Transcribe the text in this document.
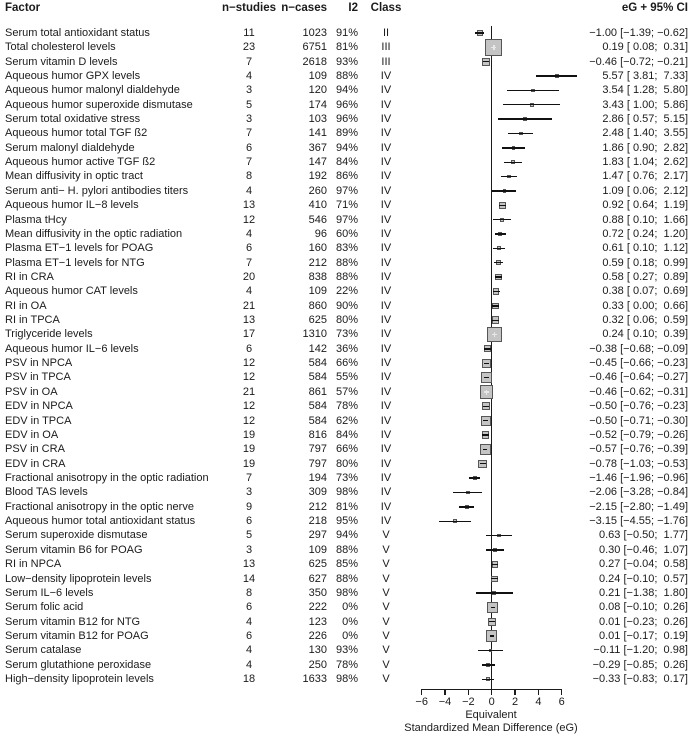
Factor	n−studies n−cases	I2	Class	eG + 95% CI
Serum total antioxidant status	11	1023 91%	II	−1.00 [−1.39; −0.62]
Total cholesterol levels	23	6751 81%	III	0.19 [ 0.08;  0.31]
Serum vitamin D levels	7	2618 93%	III	−0.46 [−0.72; −0.21]
Aqueous humor GPX levels	4	109 88%	IV	5.57 [ 3.81;  7.33]
Aqueous humor malonyl dialdehyde	3	120 94%	IV	3.54 [ 1.28;  5.80]
Aqueous humor superoxide dismutase	5	174 96%	IV	3.43 [ 1.00;  5.86]
Serum total oxidative stress	3	103 96%	IV	2.86 [ 0.57;  5.15]
Aqueous humor total TGF ß2	7	141 89%	IV	2.48 [ 1.40;  3.55]
Serum malonyl dialdehyde	6	367 94%	IV	1.86 [ 0.90;  2.82]
Aqueous humor active TGF ß2	7	147 84%	IV	1.83 [ 1.04;  2.62]
Mean diffusivity in optic tract	8	192 86%	IV	1.47 [ 0.76;  2.17]
Serum anti− H. pylori antibodies titers	4	260 97%	IV	1.09 [ 0.06;  2.12]
Aqueous humor IL−8 levels	13	410 71%	IV	0.92 [ 0.64;  1.19]
Plasma tHcy	12	546 97%	IV	0.88 [ 0.10;  1.66]
Mean diffusivity in the optic radiation	4	96 60%	IV	0.72 [ 0.24;  1.20]
Plasma ET−1 levels for POAG	6	160 83%	IV	0.61 [ 0.10;  1.12]
Plasma ET−1 levels for NTG	7	212 88%	IV	0.59 [ 0.18;  0.99]
RI in CRA	20	838 88%	IV	0.58 [ 0.27;  0.89]
Aqueous humor CAT levels	4	109 22%	IV	0.38 [ 0.07;  0.69]
RI in OA	21	860 90%	IV	0.33 [ 0.00;  0.66]
RI in TPCA	13	625 80%	IV	0.32 [ 0.06;  0.59]
Triglyceride levels	17	1310 73%	IV	0.24 [ 0.10;  0.39]
Aqueous humor IL−6 levels	6	142 36%	IV	−0.38 [−0.68; −0.09]
PSV in NPCA	12	584 66%	IV	−0.45 [−0.66; −0.23]
PSV in TPCA	12	584 55%	IV	−0.46 [−0.64; −0.27]
PSV in OA	21	861 57%	IV	−0.46 [−0.62; −0.31]
EDV in NPCA	12	584 78%	IV	−0.50 [−0.76; −0.23]
EDV in TPCA	12	584 62%	IV	−0.50 [−0.71; −0.30]
EDV in OA	19	816 84%	IV	−0.52 [−0.79; −0.26]
PSV in CRA	19	797 66%	IV	−0.57 [−0.76; −0.39]
EDV in CRA	19	797 80%	IV	−0.78 [−1.03; −0.53]
Fractional anisotropy in the optic radiation	7	194 73%	IV	−1.46 [−1.96; −0.96]
Blood TAS levels	3	309 98%	IV	−2.06 [−3.28; −0.84]
Fractional anisotropy in the optic nerve	9	212 81%	IV	−2.15 [−2.80; −1.49]
Aqueous humor total antioxidant status	6	218 95%	IV	−3.15 [−4.55; −1.76]
Serum superoxide dismutase	5	297 94%	V	0.63 [−0.50;  1.77]
Serum vitamin B6 for POAG	3	109 88%	V	0.30 [−0.46;  1.07]
RI in NPCA	13	625 85%	V	0.27 [−0.04;  0.58]
Low−density lipoprotein levels	14	627 88%	V	0.24 [−0.10;  0.57]
Serum IL−6 levels	8	350 98%	V	0.21 [−1.38;  1.80]
Serum folic acid	6	222	0%	V	0.08 [−0.10;  0.26]
Serum vitamin B12 for NTG	4	123	0%	V	0.01 [−0.23;  0.26]
Serum vitamin B12 for POAG	6	226	0%	V	0.01 [−0.17;  0.19]
Serum catalase	4	130 93%	V	−0.11 [−1.20;  0.98]
Serum glutathione peroxidase	4	250 78%	V	−0.29 [−0.85;  0.26]
High−density lipoprotein levels	18	1633 98%	V	−0.33 [−0.83;  0.17]
−6 −4 −2	0	2	4	6
Equivalent
Standardized Mean Difference (eG)
